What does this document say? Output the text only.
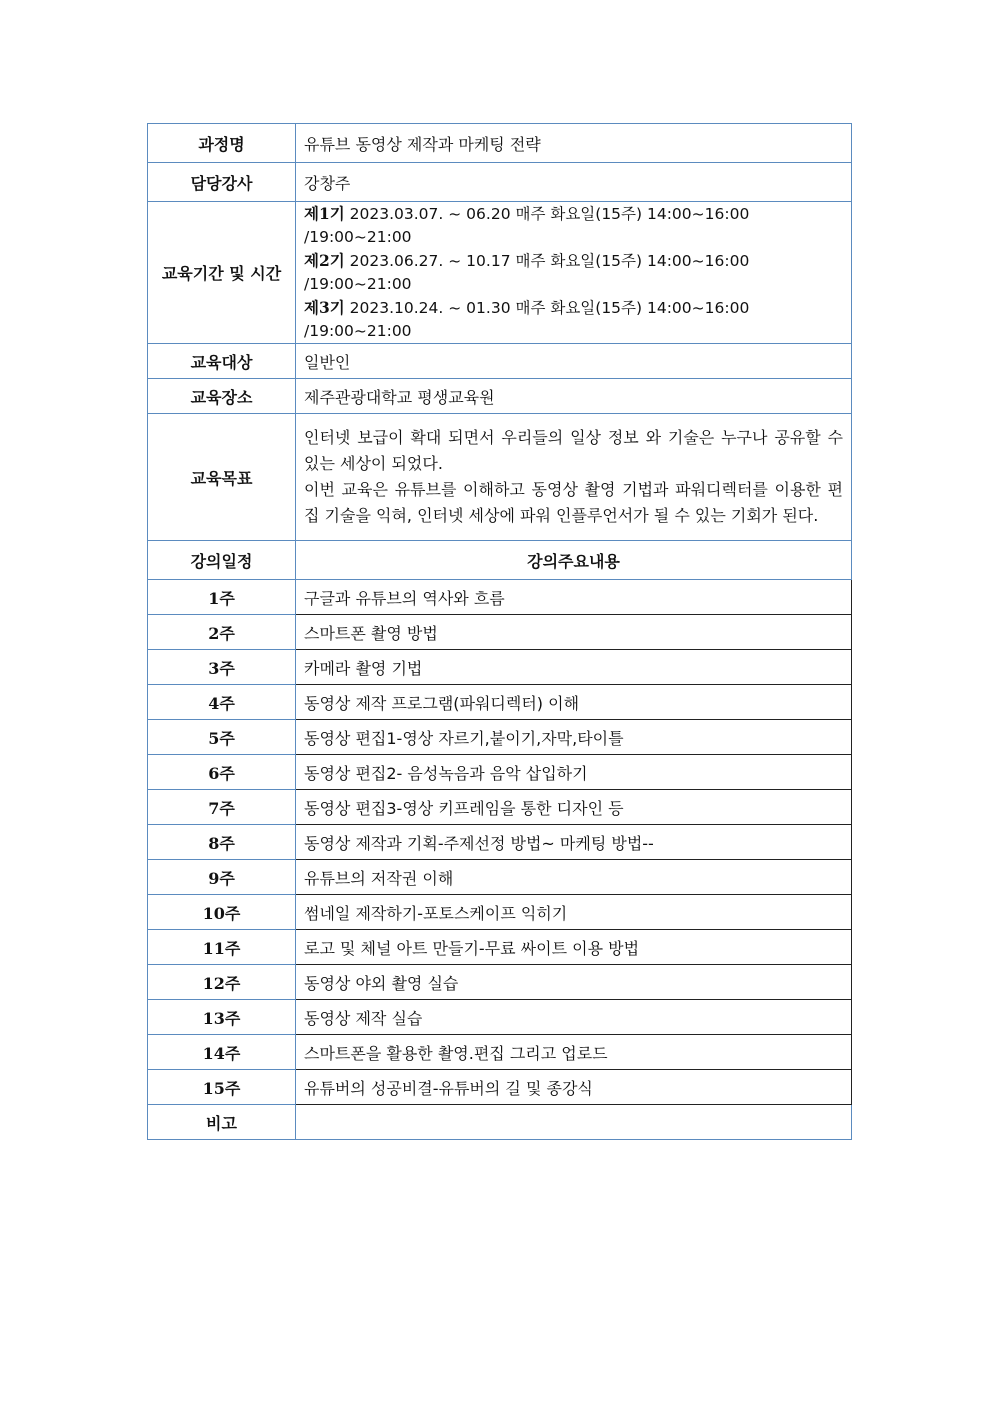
과정명	유튜브 동영상 제작과 마케팅 전략
담당강사	강창주
교육기간 및 시간	제1기 2023.03.07. ~ 06.20 매주 화요일(15주) 14:00~16:00 /19:00~21:00
제2기 2023.06.27. ~ 10.17 매주 화요일(15주) 14:00~16:00 /19:00~21:00
제3기 2023.10.24. ~ 01.30 매주 화요일(15주) 14:00~16:00 /19:00~21:00

교육대상	일반인
교육장소	제주관광대학교 평생교육원
교육목표	인터넷 보급이 확대 되면서 우리들의 일상 정보 와 기술은 누구나 공유할 수 있는 세상이 되었다.
이번 교육은 유튜브를 이해하고 동영상 촬영 기법과 파워디렉터를 이용한 편집 기술을 익혀, 인터넷 세상에 파워 인플루언서가 될 수 있는 기회가 된다.

강의일정	강의주요내용
1주	구글과 유튜브의 역사와 흐름
2주	스마트폰 촬영 방법
3주	카메라 촬영 기법
4주	동영상 제작 프로그램(파워디렉터) 이해
5주	동영상 편집1-영상 자르기,붙이기,자막,타이틀
6주	동영상 편집2- 음성녹음과 음악 삽입하기
7주	동영상 편집3-영상 키프레임을 통한 디자인 등
8주	동영상 제작과 기획-주제선정 방법~ 마케팅 방법--
9주	유튜브의 저작권 이해
10주	썸네일 제작하기-포토스케이프 익히기
11주	로고 및 체널 아트 만들기-무료 싸이트 이용 방법
12주	동영상 야외 촬영 실습
13주	동영상 제작 실습
14주	스마트폰을 활용한 촬영.편집 그리고 업로드
15주	유튜버의 성공비결-유튜버의 길 및 종강식
비고	
